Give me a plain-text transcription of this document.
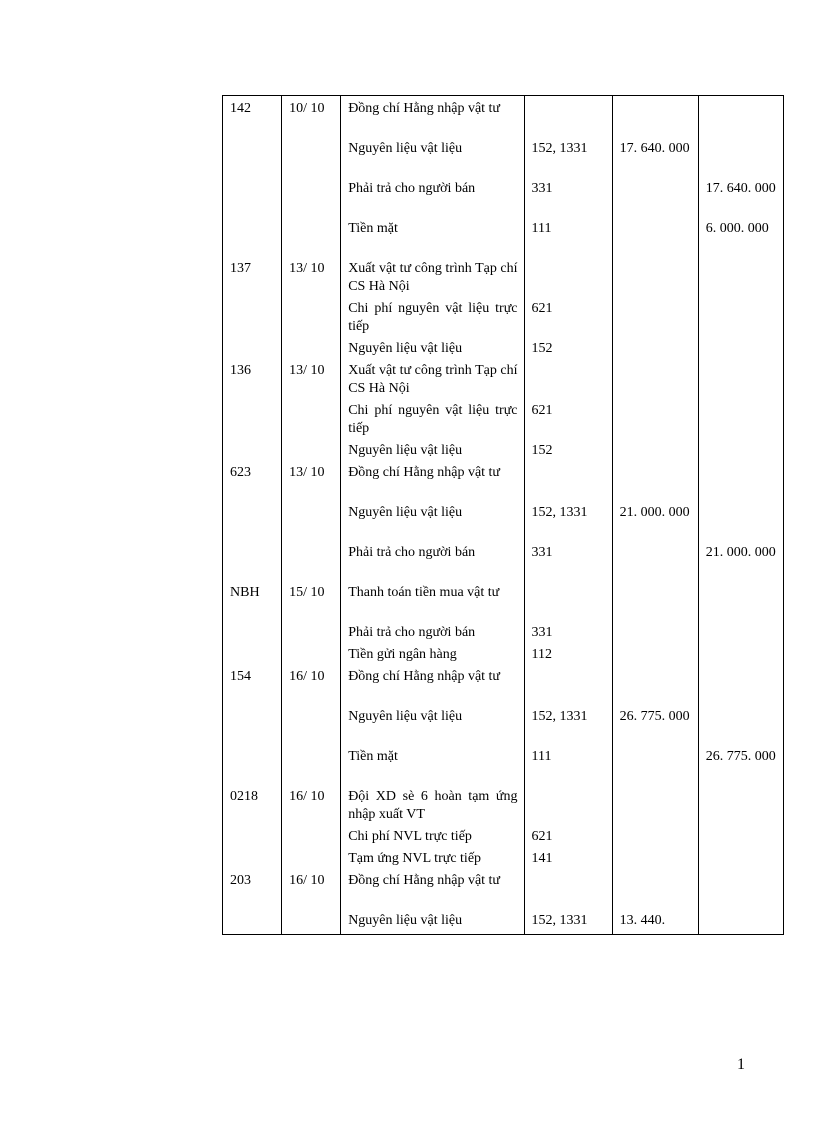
142	10/ 10	Đồng chí Hằng nhập vật tư			
		Nguyên liệu vật liệu	152, 1331	17. 640. 000	
		Phải trả cho người bán	331		17. 640. 000
		Tiền mặt	111		6. 000. 000
137	13/ 10	Xuất vật tư công trình Tạp chí CS Hà Nội			
		Chi phí nguyên vật liệu trực tiếp	621		
		Nguyên liệu vật liệu	152		
136	13/ 10	Xuất vật tư công trình Tạp chí CS Hà Nội			
		Chi phí nguyên vật liệu trực tiếp	621		
		Nguyên liệu vật liệu	152		
623	13/ 10	Đồng chí Hằng nhập vật tư			
		Nguyên liệu vật liệu	152, 1331	21. 000. 000	
		Phải trả cho người bán	331		21. 000. 000
NBH	15/ 10	Thanh toán tiền mua vật tư			
		Phải trả cho người bán	331		
		Tiền gửi ngân hàng	112		
154	16/ 10	Đồng chí Hằng nhập vật tư			
		Nguyên liệu vật liệu	152, 1331	26. 775. 000	
		Tiền mặt	111		26. 775. 000
0218	16/ 10	Đội XD sè 6 hoàn tạm ứng nhập xuất VT			
		Chi phí NVL trực tiếp	621		
		Tạm ứng NVL trực tiếp	141		
203	16/ 10	Đồng chí Hằng nhập vật tư			
		Nguyên liệu vật liệu	152, 1331	13. 440.	
1
